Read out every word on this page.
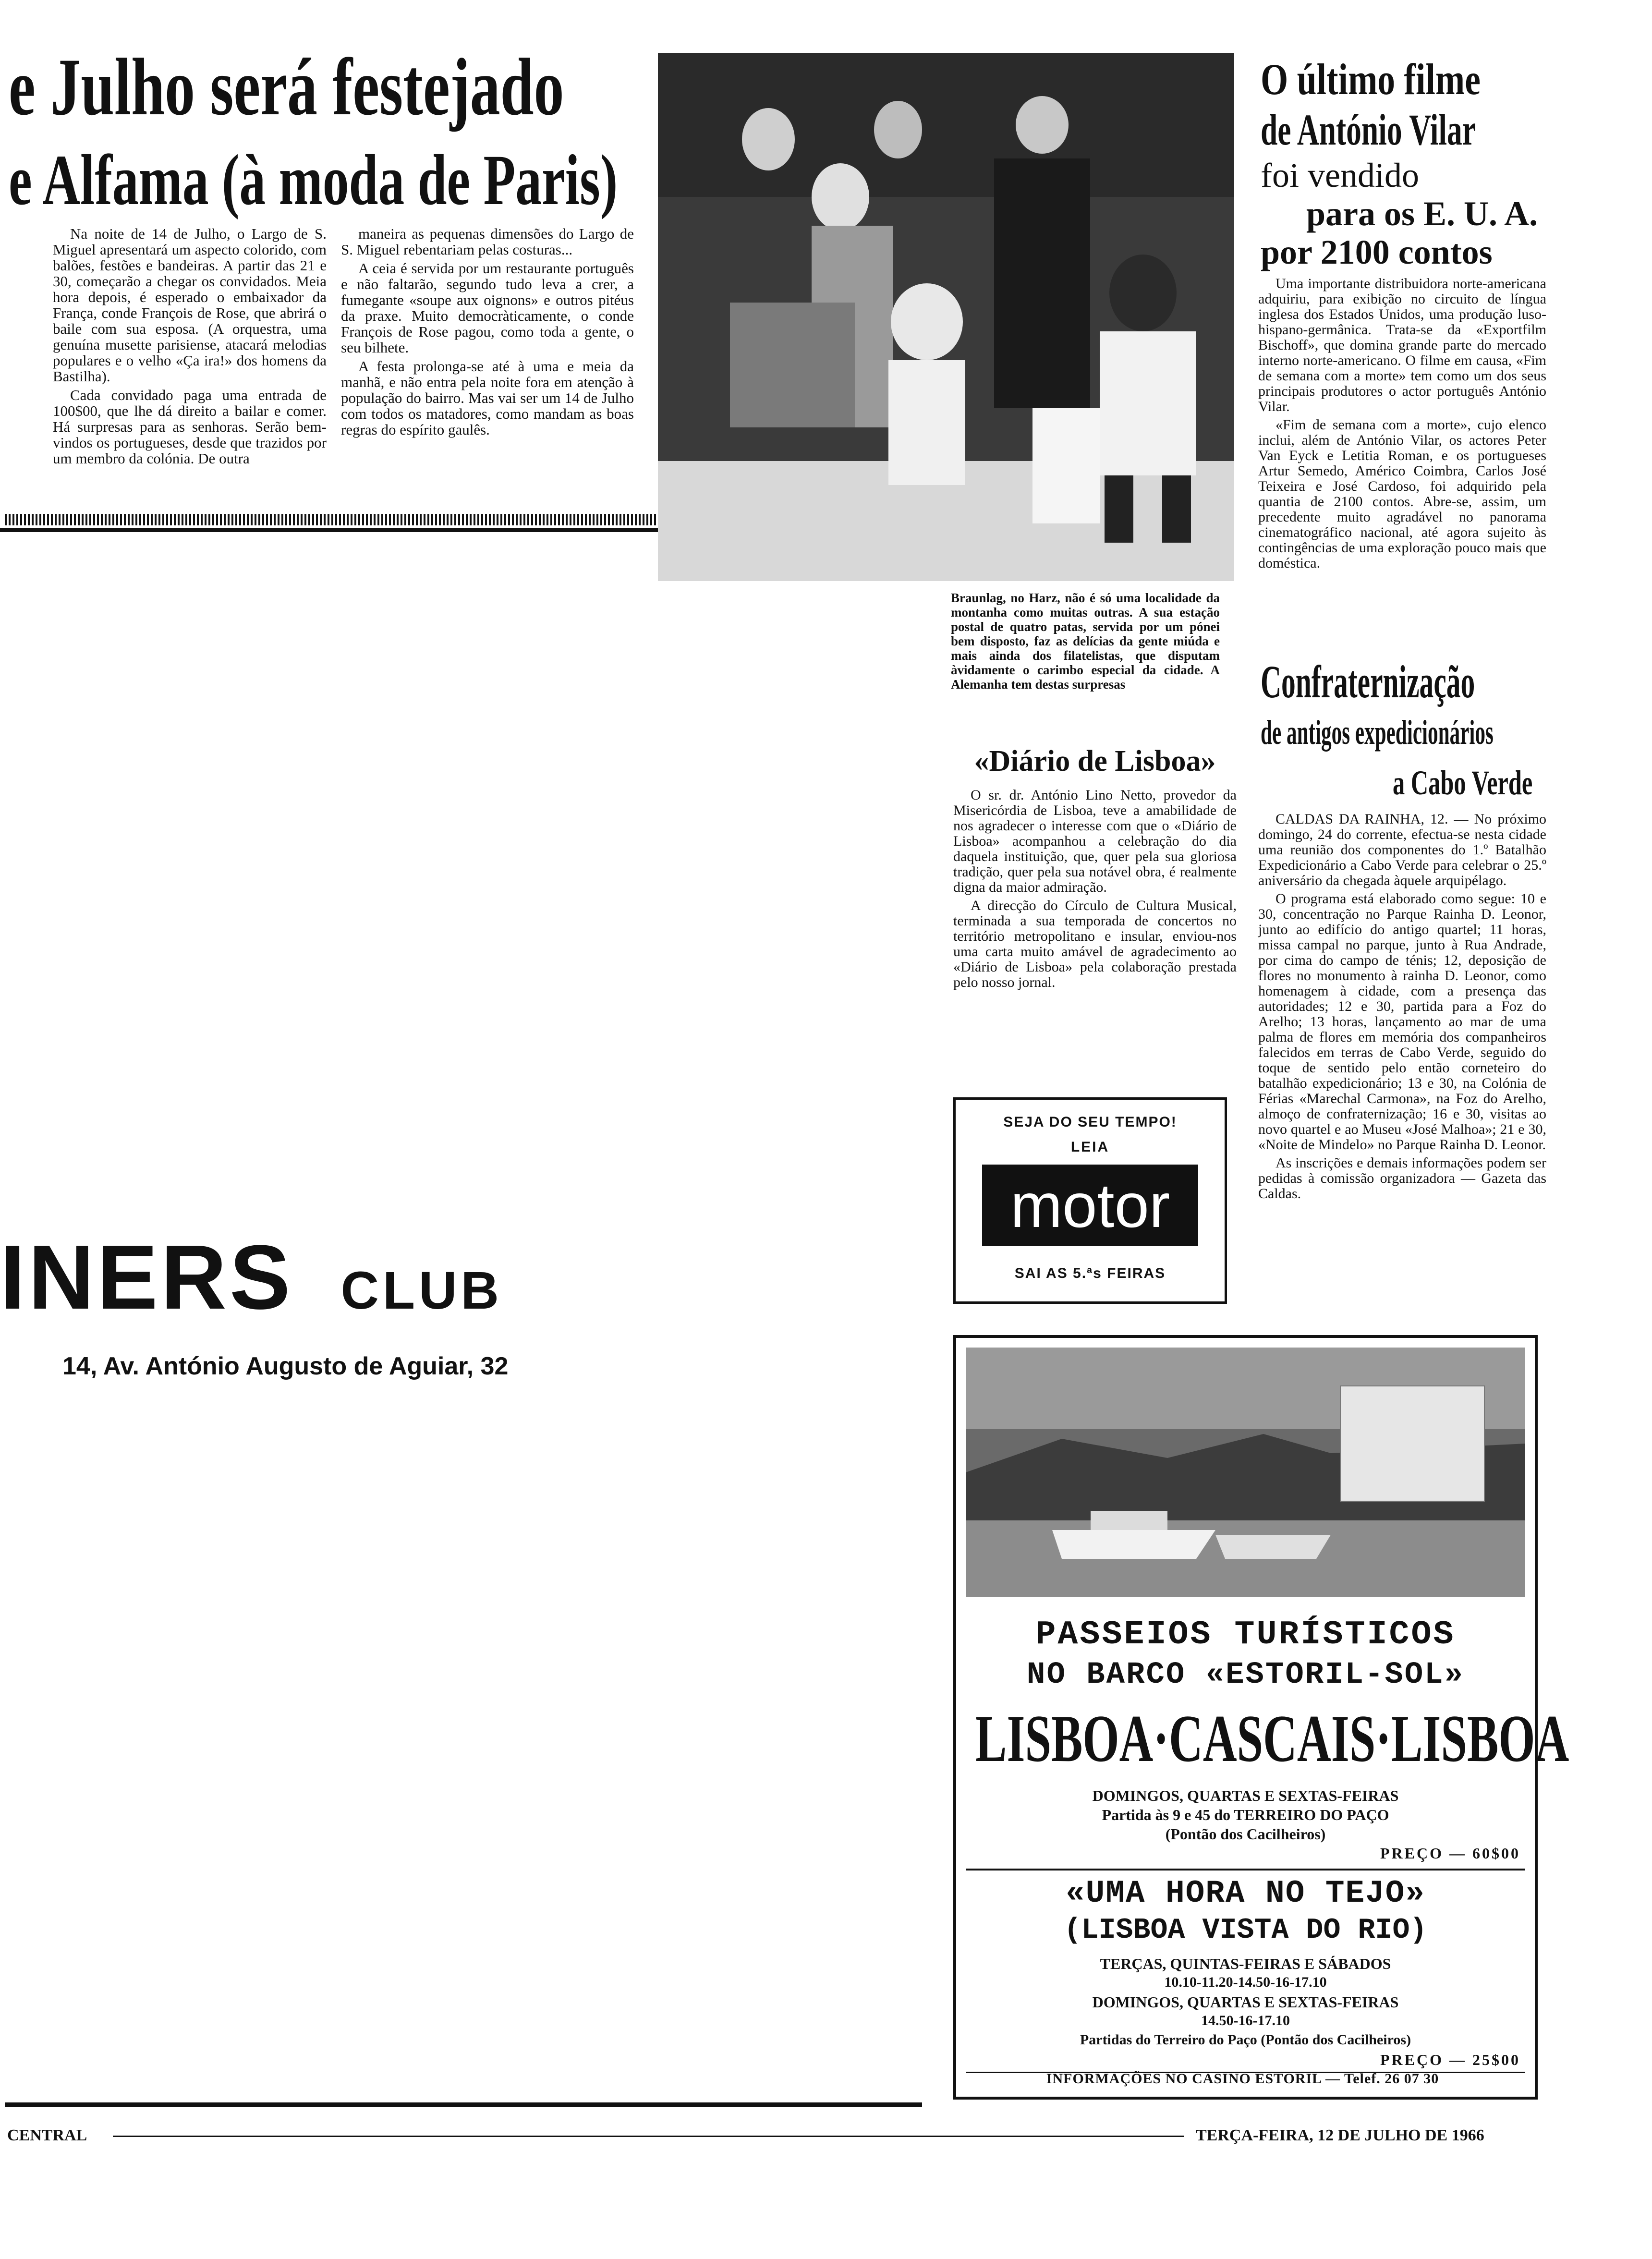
e Julho será festejado
e Alfama (à moda de Paris)

Na noite de 14 de Julho, o Largo de S. Miguel apresentará um aspecto colorido, com balões, festões e bandeiras. A partir das 21 e 30, começarão a chegar os convidados. Meia hora depois, é esperado o embaixador da França, conde François de Rose, que abrirá o baile com sua esposa. (A orquestra, uma genuína musette parisiense, atacará melodias populares e o velho «Ça ira!» dos homens da Bastilha).

Cada convidado paga uma entrada de 100$00, que lhe dá direito a bailar e comer. Há surpresas para as senhoras. Serão bem-vindos os portugueses, desde que trazidos por um membro da colónia. De outra

maneira as pequenas dimensões do Largo de S. Miguel rebentariam pelas costuras...

A ceia é servida por um restaurante português e não faltarão, segundo tudo leva a crer, a fumegante «soupe aux oignons» e outros pitéus da praxe. Muito democràticamente, o conde François de Rose pagou, como toda a gente, o seu bilhete.

A festa prolonga-se até à uma e meia da manhã, e não entra pela noite fora em atenção à população do bairro. Mas vai ser um 14 de Julho com todos os matadores, como mandam as boas regras do espírito gaulês.

Braunlag, no Harz, não é só uma localidade da montanha como muitas outras. A sua estação postal de quatro patas, servida por um pónei bem disposto, faz as delícias da gente miúda e mais ainda dos filatelistas, que disputam àvidamente o carimbo especial da cidade. A Alemanha tem destas surpresas
O último filme
de António Vilar
foi vendido
para os E. U. A.
por 2100 contos

Uma importante distribuidora norte-americana adquiriu, para exibição no circuito de língua inglesa dos Estados Unidos, uma produção luso-hispano-germânica. Trata-se da «Exportfilm Bischoff», que domina grande parte do mercado interno norte-americano. O filme em causa, «Fim de semana com a morte» tem como um dos seus principais produtores o actor português António Vilar.

«Fim de semana com a morte», cujo elenco inclui, além de António Vilar, os actores Peter Van Eyck e Letitia Roman, e os portugueses Artur Semedo, Américo Coimbra, Carlos José Teixeira e José Cardoso, foi adquirido pela quantia de 2100 contos. Abre-se, assim, um precedente muito agradável no panorama cinematográfico nacional, até agora sujeito às contingências de uma exploração pouco mais que doméstica.

«Diário de Lisboa»

O sr. dr. António Lino Netto, provedor da Misericórdia de Lisboa, teve a amabilidade de nos agradecer o interesse com que o «Diário de Lisboa» acompanhou a celebração do dia daquela instituição, que, quer pela sua gloriosa tradição, quer pela sua notável obra, é realmente digna da maior admiração.

A direcção do Círculo de Cultura Musical, terminada a sua temporada de concertos no território metropolitano e insular, enviou-nos uma carta muito amável de agradecimento ao «Diário de Lisboa» pela colaboração prestada pelo nosso jornal.

SEJA DO SEU TEMPO!
LEIA
motor
SAI AS 5.ªs FEIRAS
Confraternização
de antigos expedicionários
a Cabo Verde

CALDAS DA RAINHA, 12. — No próximo domingo, 24 do corrente, efectua-se nesta cidade uma reunião dos componentes do 1.º Batalhão Expedicionário a Cabo Verde para celebrar o 25.º aniversário da chegada àquele arquipélago.

O programa está elaborado como segue: 10 e 30, concentração no Parque Rainha D. Leonor, junto ao edifício do antigo quartel; 11 horas, missa campal no parque, junto à Rua Andrade, por cima do campo de ténis; 12, deposição de flores no monumento à rainha D. Leonor, como homenagem à cidade, com a presença das autoridades; 12 e 30, partida para a Foz do Arelho; 13 horas, lançamento ao mar de uma palma de flores em memória dos companheiros falecidos em terras de Cabo Verde, seguido do toque de sentido pelo então corneteiro do batalhão expedicionário; 13 e 30, na Colónia de Férias «Marechal Carmona», na Foz do Arelho, almoço de confraternização; 16 e 30, visitas ao novo quartel e ao Museu «José Malhoa»; 21 e 30, «Noite de Mindelo» no Parque Rainha D. Leonor.

As inscrições e demais informações podem ser pedidas à comissão organizadora — Gazeta das Caldas.

INERS CLUB
14, Av. António Augusto de Aguiar, 32
PASSEIOS TURÍSTICOS
NO BARCO «ESTORIL-SOL»
LISBOA·CASCAIS·LISBOA
DOMINGOS, QUARTAS E SEXTAS-FEIRAS
Partida às 9 e 45 do TERREIRO DO PAÇO
(Pontão dos Cacilheiros)
PREÇO — 60$00
«UMA HORA NO TEJO»
(LISBOA VISTA DO RIO)
TERÇAS, QUINTAS-FEIRAS E SÁBADOS
10.10-11.20-14.50-16-17.10
DOMINGOS, QUARTAS E SEXTAS-FEIRAS
14.50-16-17.10
Partidas do Terreiro do Paço (Pontão dos Cacilheiros)
PREÇO — 25$00
INFORMAÇÕES NO CASINO ESTORIL — Telef. 26 07 30
CENTRAL	TERÇA-FEIRA, 12 DE JULHO DE 1966
